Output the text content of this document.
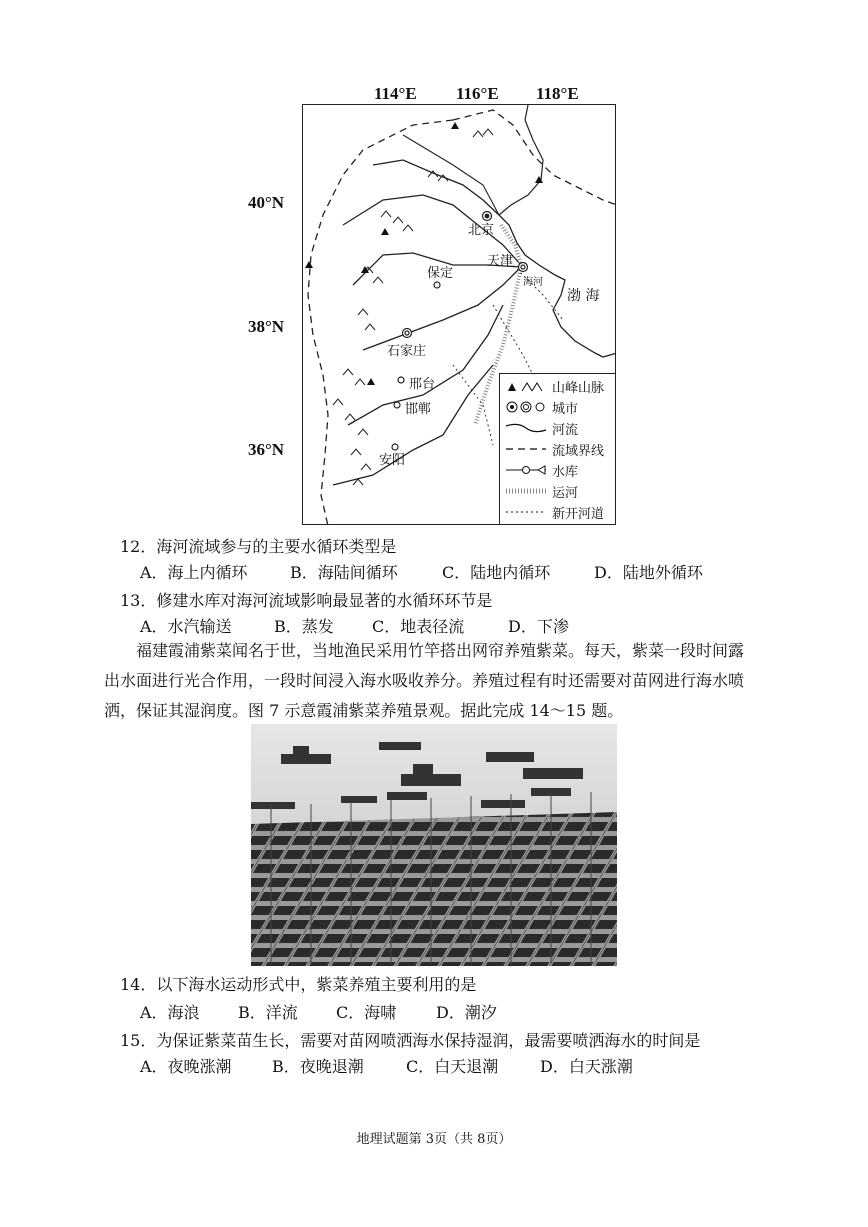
114°E 116°E 118°E
40°N
38°N
36°N
北京
天津
保定
石家庄
邢台
邯郸
安阳
海河
渤 海
山峰山脉
城市
河流
流域界线
水库
运河
新开河道
12．海河流域参与的主要水循环类型是
A．海上内循环	B．海陆间循环	C．陆地内循环	D．陆地外循环
13．修建水库对海河流域影响最显著的水循环环节是
A．水汽输送	B．蒸发 C．地表径流	D．下渗
福建霞浦紫菜闻名于世，当地渔民采用竹竿搭出网帘养殖紫菜。每天，紫菜一段时间露出水面进行光合作用，一段时间浸入海水吸收养分。养殖过程有时还需要对苗网进行海水喷洒，保证其湿润度。图 7 示意霞浦紫菜养殖景观。据此完成 14～15 题。
14．以下海水运动形式中，紫菜养殖主要利用的是
A．海浪 B．洋流 C．海啸 D．潮汐
15．为保证紫菜苗生长，需要对苗网喷洒海水保持湿润，最需要喷洒海水的时间是
A．夜晚涨潮	B．夜晚退潮	C．白天退潮	D．白天涨潮
地理试题第 3页（共 8页）
